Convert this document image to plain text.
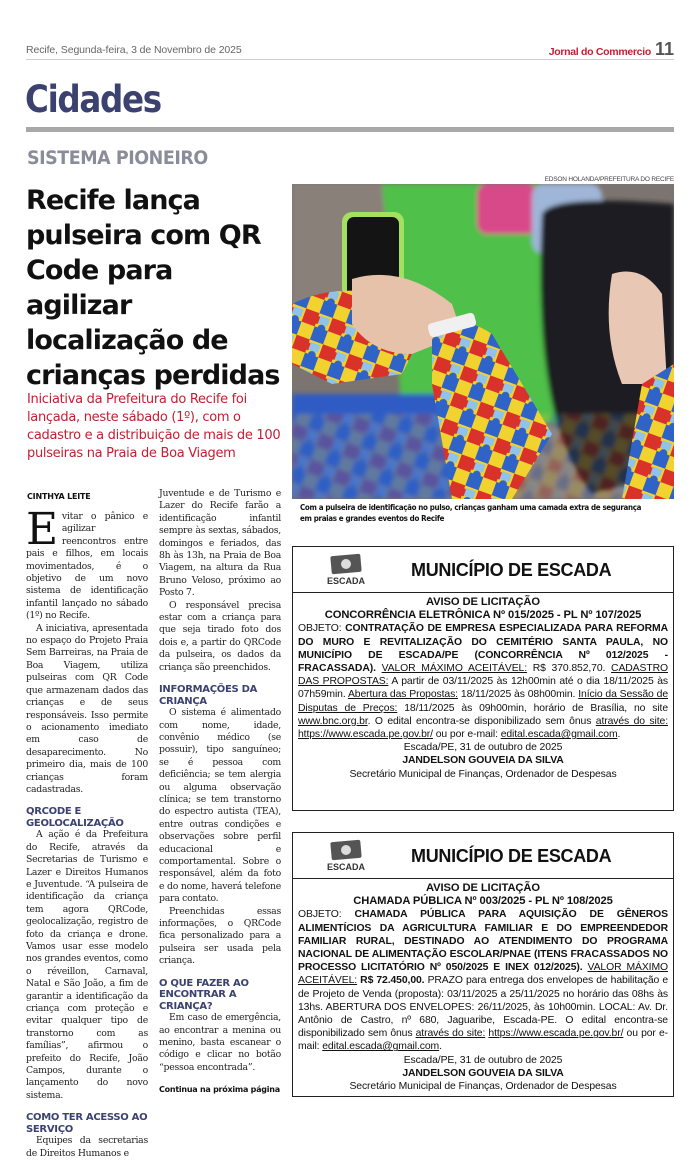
Recife, Segunda-feira, 3 de Novembro de 2025	Jornal do Commercio 11
Cidades
SISTEMA PIONEIRO
Recife lança pulseira com QR Code para agilizar localização de crianças perdidas
Iniciativa da Prefeitura do Recife foi lançada, neste sábado (1º), com o cadastro e a distribuição de mais de 100 pulseiras na Praia de Boa Viagem
CINTHYA LEITE

Evitar o pânico e agilizar reencontros entre pais e filhos, em locais movimentados, é o objetivo de um novo sistema de identificação infantil lançado no sábado (1º) no Recife.

A iniciativa, apresentada no espaço do Projeto Praia Sem Barreiras, na Praia de Boa Viagem, utiliza pulseiras com QR Code que armazenam dados das crianças e de seus responsáveis. Isso permite o acionamento imediato em caso de desaparecimento. No primeiro dia, mais de 100 crianças foram cadastradas.

QRCODE E GEOLOCALIZAÇÃO

A ação é da Prefeitura do Recife, através da Secretarias de Turismo e Lazer e Direitos Humanos e Juventude. “A pulseira de identificação da criança tem agora QRCode, geolocalização, registro de foto da criança e drone. Vamos usar esse modelo nos grandes eventos, como o réveillon, Carnaval, Natal e São João, a fim de garantir a identificação da criança com proteção e evitar qualquer tipo de transtorno com as famílias”, afirmou o prefeito do Recife, João Campos, durante o lançamento do novo sistema.

COMO TER ACESSO AO SERVIÇO

Equipes da secretarias de Direitos Humanos e

Juventude e de Turismo e Lazer do Recife farão a identificação infantil sempre às sextas, sábados, domingos e feriados, das 8h às 13h, na Praia de Boa Viagem, na altura da Rua Bruno Veloso, próximo ao Posto 7.

O responsável precisa estar com a criança para que seja tirado foto dos dois e, a partir do QRCode da pulseira, os dados da criança são preenchidos.

INFORMAÇÕES DA CRIANÇA

O sistema é alimentado com nome, idade, convênio médico (se possuir), tipo sanguíneo; se é pessoa com deficiência; se tem alergia ou alguma observação clínica; se tem transtorno do espectro autista (TEA), entre outras condições e observações sobre perfil educacional e comportamental. Sobre o responsável, além da foto e do nome, haverá telefone para contato.

Preenchidas essas informações, o QRCode fica personalizado para a pulseira ser usada pela criança.

O QUE FAZER AO ENCONTRAR A CRIANÇA?

Em caso de emergência, ao encontrar a menina ou menino, basta escanear o código e clicar no botão “pessoa encontrada”.

Continua na próxima página
EDSON HOLANDA/PREFEITURA DO RECIFE
Com a pulseira de identificação no pulso, crianças ganham uma camada extra de segurança em praias e grandes eventos do Recife
ESCADA
MUNICÍPIO DE ESCADA
AVISO DE LICITAÇÃO
CONCORRÊNCIA ELETRÔNICA Nº 015/2025 - PL Nº 107/2025
OBJETO: CONTRATAÇÃO DE EMPRESA ESPECIALIZADA PARA REFORMA DO MURO E REVITALIZAÇÃO DO CEMITÉRIO SANTA PAULA, NO MUNICÍPIO DE ESCADA/PE (CONCORRÊNCIA Nº 012/2025 - FRACASSADA). VALOR MÁXIMO ACEITÁVEL: R$ 370.852,70. CADASTRO DAS PROPOSTAS: A partir de 03/11/2025 às 12h00min até o dia 18/11/2025 às 07h59min. Abertura das Propostas: 18/11/2025 às 08h00min. Início da Sessão de Disputas de Preços: 18/11/2025 às 09h00min, horário de Brasília, no site www.bnc.org.br. O edital encontra-se disponibilizado sem ônus através do site: https://www.escada.pe.gov.br/ ou por e-mail: edital.escada@gmail.com.
Escada/PE, 31 de outubro de 2025
JANDELSON GOUVEIA DA SILVA
Secretário Municipal de Finanças, Ordenador de Despesas
ESCADA
MUNICÍPIO DE ESCADA
AVISO DE LICITAÇÃO
CHAMADA PÚBLICA Nº 003/2025 - PL Nº 108/2025
OBJETO: CHAMADA PÚBLICA PARA AQUISIÇÃO DE GÊNEROS ALIMENTÍCIOS DA AGRICULTURA FAMILIAR E DO EMPREENDEDOR FAMILIAR RURAL, DESTINADO AO ATENDIMENTO DO PROGRAMA NACIONAL DE ALIMENTAÇÃO ESCOLAR/PNAE (ITENS FRACASSADOS NO PROCESSO LICITATÓRIO Nº 050/2025 E INEX 012/2025). VALOR MÁXIMO ACEITÁVEL: R$ 72.450,00. PRAZO para entrega dos envelopes de habilitação e de Projeto de Venda (proposta): 03/11/2025 a 25/11/2025 no horário das 08hs às 13hs. ABERTURA DOS ENVELOPES: 26/11/2025, às 10h00min. LOCAL: Av. Dr. Antônio de Castro, nº 680, Jaguaribe, Escada-PE. O edital encontra-se disponibilizado sem ônus através do site: https://www.escada.pe.gov.br/ ou por e-mail: edital.escada@gmail.com.
Escada/PE, 31 de outubro de 2025
JANDELSON GOUVEIA DA SILVA
Secretário Municipal de Finanças, Ordenador de Despesas
